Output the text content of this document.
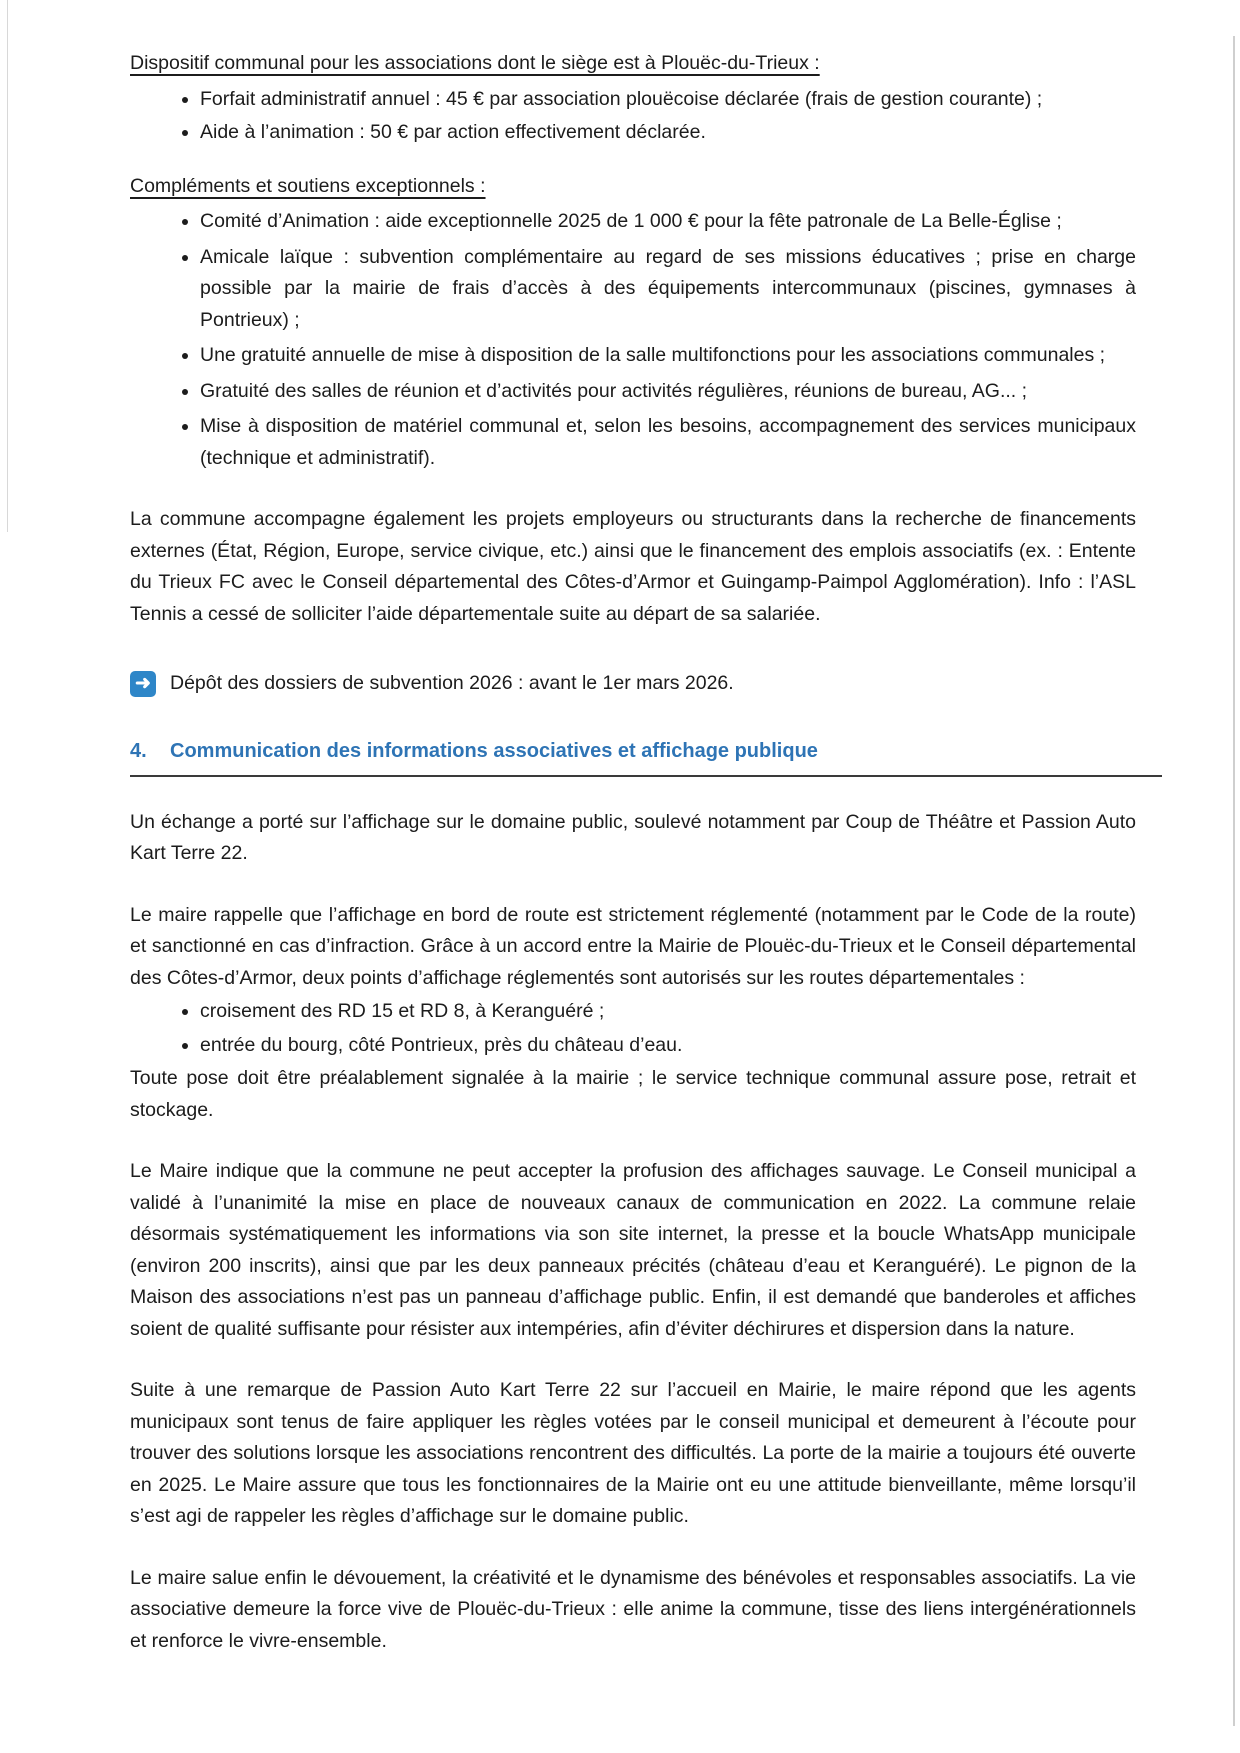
Dispositif communal pour les associations dont le siège est à Plouëc-du-Trieux :

• Forfait administratif annuel : 45 € par association plouëcoise déclarée (frais de gestion courante) ;
• Aide à l’animation : 50 € par action effectivement déclarée.

Compléments et soutiens exceptionnels :

• Comité d’Animation : aide exceptionnelle 2025 de 1 000 € pour la fête patronale de La Belle-Église ;
• Amicale laïque : subvention complémentaire au regard de ses missions éducatives ; prise en charge possible par la mairie de frais d’accès à des équipements intercommunaux (piscines, gymnases à Pontrieux) ;
• Une gratuité annuelle de mise à disposition de la salle multifonctions pour les associations communales ;
• Gratuité des salles de réunion et d’activités pour activités régulières, réunions de bureau, AG... ;
• Mise à disposition de matériel communal et, selon les besoins, accompagnement des services municipaux (technique et administratif).

La commune accompagne également les projets employeurs ou structurants dans la recherche de financements externes (État, Région, Europe, service civique, etc.) ainsi que le financement des emplois associatifs (ex. : Entente du Trieux FC avec le Conseil départemental des Côtes-d’Armor et Guingamp-Paimpol Agglomération). Info : l’ASL Tennis a cessé de solliciter l’aide départementale suite au départ de sa salariée.

➜ Dépôt des dossiers de subvention 2026 : avant le 1er mars 2026.
4. Communication des informations associatives et affichage publique

Un échange a porté sur l’affichage sur le domaine public, soulevé notamment par Coup de Théâtre et Passion Auto Kart Terre 22.

Le maire rappelle que l’affichage en bord de route est strictement réglementé (notamment par le Code de la route) et sanctionné en cas d’infraction. Grâce à un accord entre la Mairie de Plouëc-du-Trieux et le Conseil départemental des Côtes-d’Armor, deux points d’affichage réglementés sont autorisés sur les routes départementales :

• croisement des RD 15 et RD 8, à Keranguéré ;
• entrée du bourg, côté Pontrieux, près du château d’eau.

Toute pose doit être préalablement signalée à la mairie ; le service technique communal assure pose, retrait et stockage.

Le Maire indique que la commune ne peut accepter la profusion des affichages sauvage. Le Conseil municipal a validé à l’unanimité la mise en place de nouveaux canaux de communication en 2022. La commune relaie désormais systématiquement les informations via son site internet, la presse et la boucle WhatsApp municipale (environ 200 inscrits), ainsi que par les deux panneaux précités (château d’eau et Keranguéré). Le pignon de la Maison des associations n’est pas un panneau d’affichage public. Enfin, il est demandé que banderoles et affiches soient de qualité suffisante pour résister aux intempéries, afin d’éviter déchirures et dispersion dans la nature.

Suite à une remarque de Passion Auto Kart Terre 22 sur l’accueil en Mairie, le maire répond que les agents municipaux sont tenus de faire appliquer les règles votées par le conseil municipal et demeurent à l’écoute pour trouver des solutions lorsque les associations rencontrent des difficultés. La porte de la mairie a toujours été ouverte en 2025. Le Maire assure que tous les fonctionnaires de la Mairie ont eu une attitude bienveillante, même lorsqu’il s’est agi de rappeler les règles d’affichage sur le domaine public.

Le maire salue enfin le dévouement, la créativité et le dynamisme des bénévoles et responsables associatifs. La vie associative demeure la force vive de Plouëc-du-Trieux : elle anime la commune, tisse des liens intergénérationnels et renforce le vivre-ensemble.
